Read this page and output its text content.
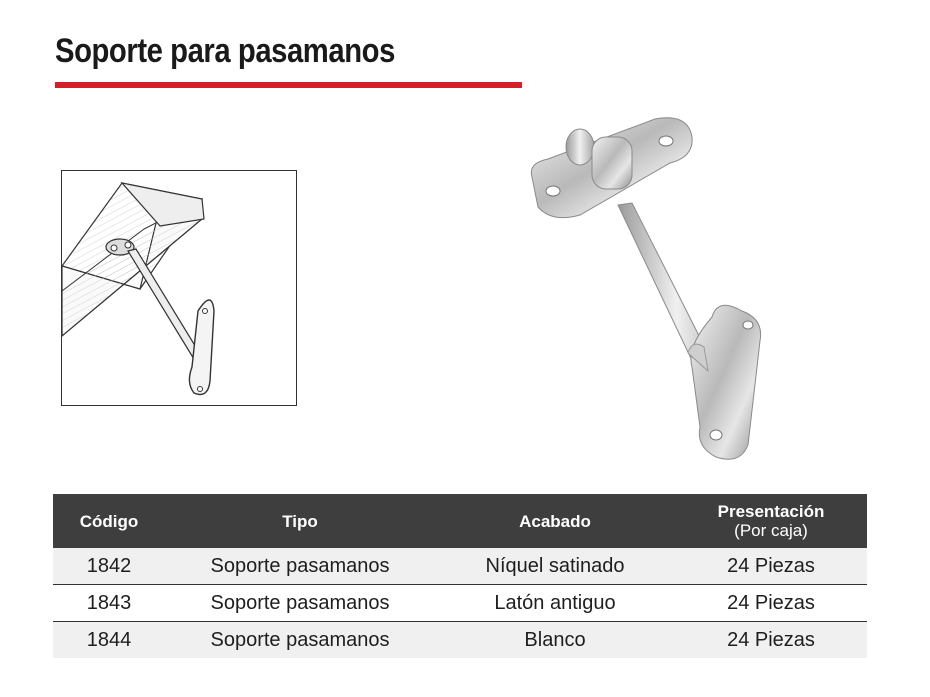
Soporte para pasamanos
Código	Tipo	Acabado	Presentación
(Por caja)

1842	Soporte pasamanos	Níquel satinado	24 Piezas
1843	Soporte pasamanos	Latón antiguo	24 Piezas
1844	Soporte pasamanos	Blanco	24 Piezas
